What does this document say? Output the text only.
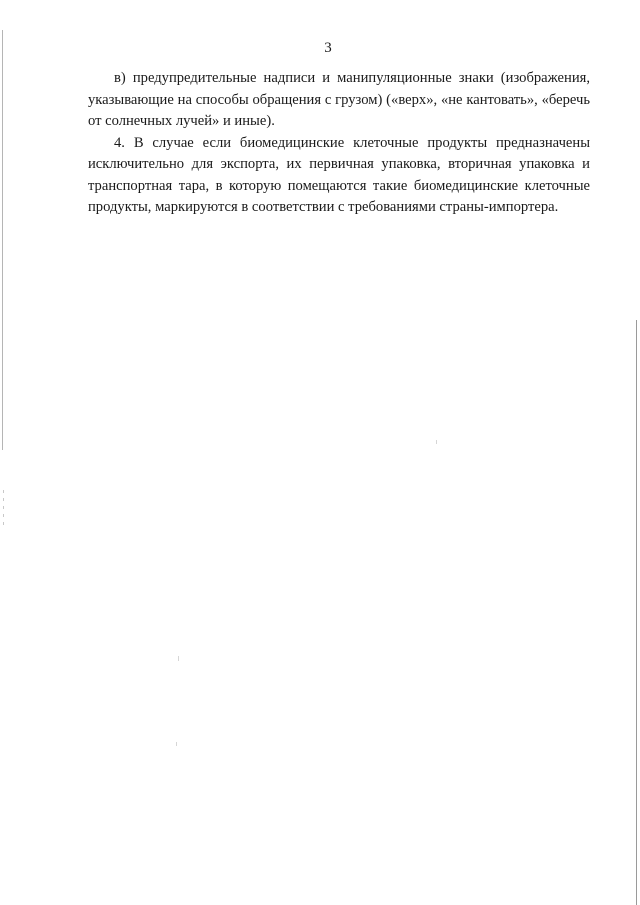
3

в) предупредительные надписи и манипуляционные знаки (изображения, указывающие на способы обращения с грузом) («верх», «не кантовать», «беречь от солнечных лучей» и иные).

4. В случае если биомедицинские клеточные продукты предназначены исключительно для экспорта, их первичная упаковка, вторичная упаковка и транспортная тара, в которую помещаются такие биомедицинские клеточные продукты, маркируются в соответствии с требованиями страны-импортера.
